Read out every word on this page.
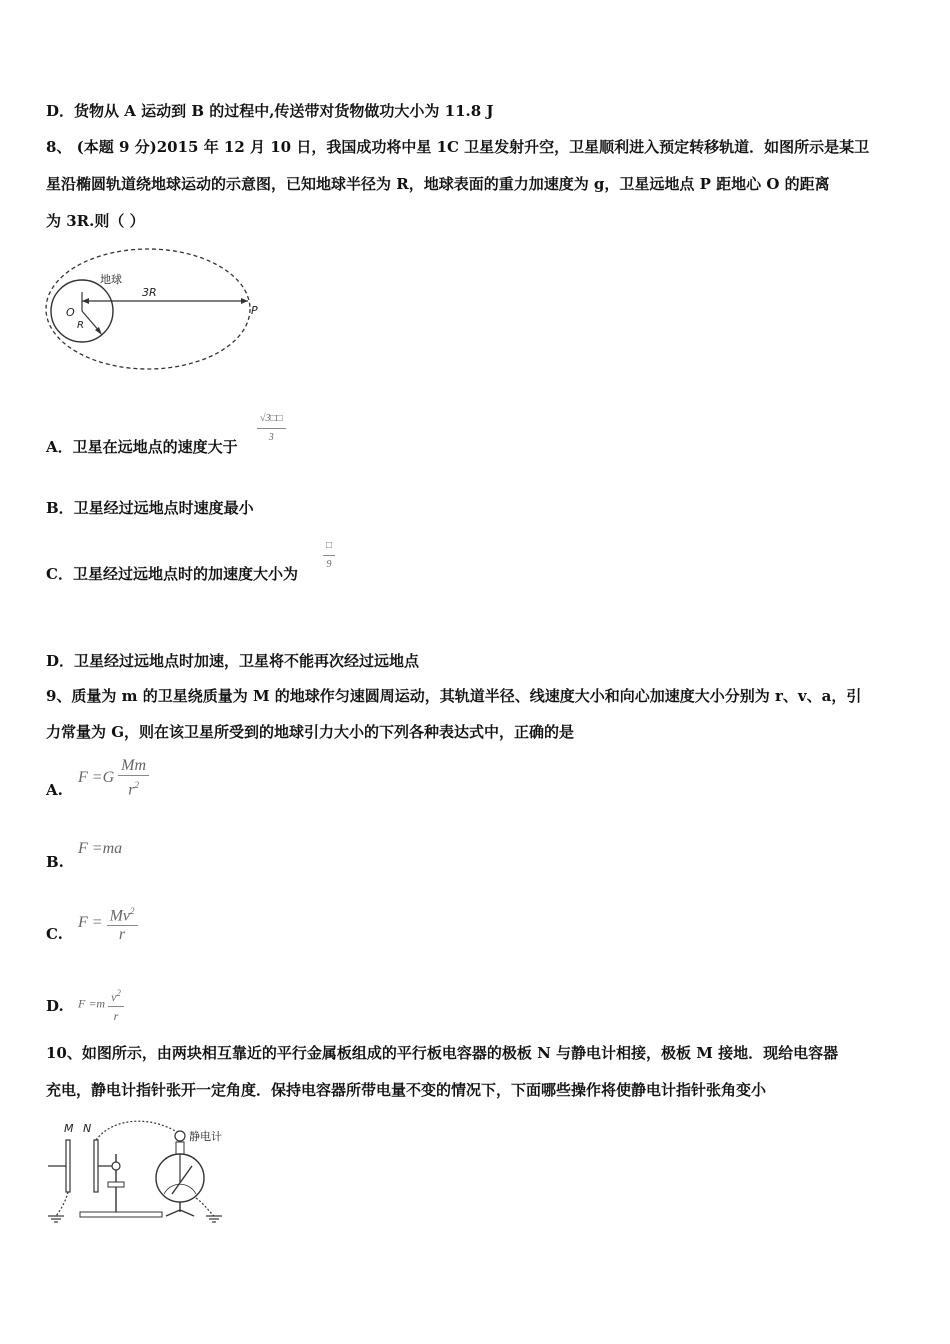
D．货物从 A 运动到 B 的过程中,传送带对货物做功大小为 11.8 J
8、 (本题 9 分)2015 年 12 月 10 日，我国成功将中星 1C 卫星发射升空，卫星顺利进入预定转移轨道．如图所示是某卫
星沿椭圆轨道绕地球运动的示意图，已知地球半径为 R，地球表面的重力加速度为 g，卫星远地点 P 距地心 O 的距离
为 3R.则（ ）
地球
O
R
3R
P
A．卫星在远地点的速度大于 $\frac{√3□□}{3}$
B．卫星经过远地点时速度最小
C．卫星经过远地点时的加速度大小为	$\frac{□}{9}$
D．卫星经过远地点时加速，卫星将不能再次经过远地点
9、质量为 m 的卫星绕质量为 M 的地球作匀速圆周运动，其轨道半径、线速度大小和向心加速度大小分别为 r、v、a，引
力常量为 G，则在该卫星所受到的地球引力大小的下列各种表达式中，正确的是
A.
$F =G \frac{Mm}{r^2}$
B.
F =ma
C.
$F = \frac{Mv^2}{r}$
D. $F =m \frac{v^2}{r}$
10、如图所示，由两块相互靠近的平行金属板组成的平行板电容器的极板 N 与静电计相接，极板 M 接地．现给电容器
充电，静电计指针张开一定角度．保持电容器所带电量不变的情况下，下面哪些操作将使静电计指针张角变小
M N
静电计
